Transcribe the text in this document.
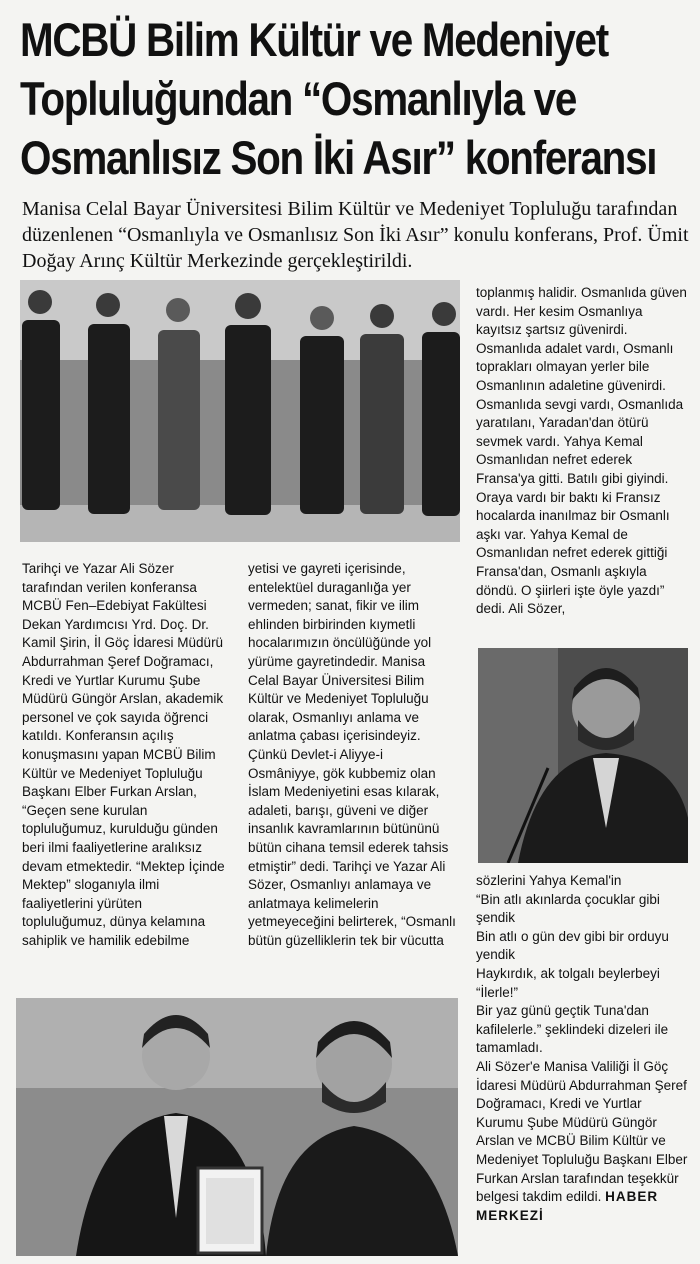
MCBÜ Bilim Kültür ve Medeniyet
Topluluğundan “Osmanlıyla ve
Osmanlısız Son İki Asır” konferansı

Manisa Celal Bayar Üniversitesi Bilim Kültür ve Medeniyet Topluluğu tarafından düzenlenen “Osmanlıyla ve Osmanlısız Son İki Asır” konulu konferans, Prof. Ümit Doğay Arınç Kültür Merkezinde gerçekleştirildi.

Tarihçi ve Yazar Ali Sözer tarafından verilen konferansa MCBÜ Fen–Edebiyat Fakültesi Dekan Yardımcısı Yrd. Doç. Dr. Kamil Şirin, İl Göç İdaresi Müdürü Abdurrahman Şeref Doğramacı, Kredi ve Yurtlar Kurumu Şube Müdürü Güngör Arslan, akademik personel ve çok sayıda öğrenci katıldı. Konferansın açılış konuşmasını yapan MCBÜ Bilim Kültür ve Medeniyet Topluluğu Başkanı Elber Furkan Arslan, “Geçen sene kurulan topluluğumuz, kurulduğu günden beri ilmi faaliyetlerine aralıksız devam etmektedir. “Mektep İçinde Mektep” sloganıyla ilmi faaliyetlerini yürüten topluluğumuz, dünya kelamına sahiplik ve hamilik edebilme

yetisi ve gayreti içerisinde, entelektüel duraganlığa yer vermeden; sanat, fikir ve ilim ehlinden birbirinden kıymetli hocalarımızın öncülüğünde yol yürüme gayretindedir. Manisa Celal Bayar Üniversitesi Bilim Kültür ve Medeniyet Topluluğu olarak, Osmanlıyı anlama ve anlatma çabası içerisindeyiz. Çünkü Devlet-i Aliyye-i Osmâniyye, gök kubbemiz olan İslam Medeniyetini esas kılarak, adaleti, barışı, güveni ve diğer insanlık kavramlarının bütününü bütün cihana temsil ederek tahsis etmiştir” dedi. Tarihçi ve Yazar Ali Sözer, Osmanlıyı anlamaya ve anlatmaya kelimelerin yetmeyeceğini belirterek, “Osmanlı bütün güzelliklerin tek bir vücutta

toplanmış halidir. Osmanlıda güven vardı. Her kesim Osmanlıya kayıtsız şartsız güvenirdi. Osmanlıda adalet vardı, Osmanlı toprakları olmayan yerler bile Osmanlının adaletine güvenirdi. Osmanlıda sevgi vardı, Osmanlıda yaratılanı, Yaradan'dan ötürü sevmek vardı. Yahya Kemal Osmanlıdan nefret ederek Fransa'ya gitti. Batılı gibi giyindi. Oraya vardı bir baktı ki Fransız hocalarda inanılmaz bir Osmanlı aşkı var. Yahya Kemal de Osmanlıdan nefret ederek gittiği Fransa'dan, Osmanlı aşkıyla döndü. O şiirleri işte öyle yazdı” dedi. Ali Sözer,

sözlerini Yahya Kemal'in

“Bin atlı akınlarda çocuklar gibi şendik

Bin atlı o gün dev gibi bir orduyu yendik

Haykırdık, ak tolgalı beylerbeyi “İlerle!”

Bir yaz günü geçtik Tuna'dan kafilelerle.” şeklindeki dizeleri ile tamamladı.

Ali Sözer'e Manisa Valiliği İl Göç İdaresi Müdürü Abdurrahman Şeref Doğramacı, Kredi ve Yurtlar Kurumu Şube Müdürü Güngör Arslan ve MCBÜ Bilim Kültür ve Medeniyet Topluluğu Başkanı Elber Furkan Arslan tarafından teşekkür belgesi takdim edildi. HABER MERKEZİ
